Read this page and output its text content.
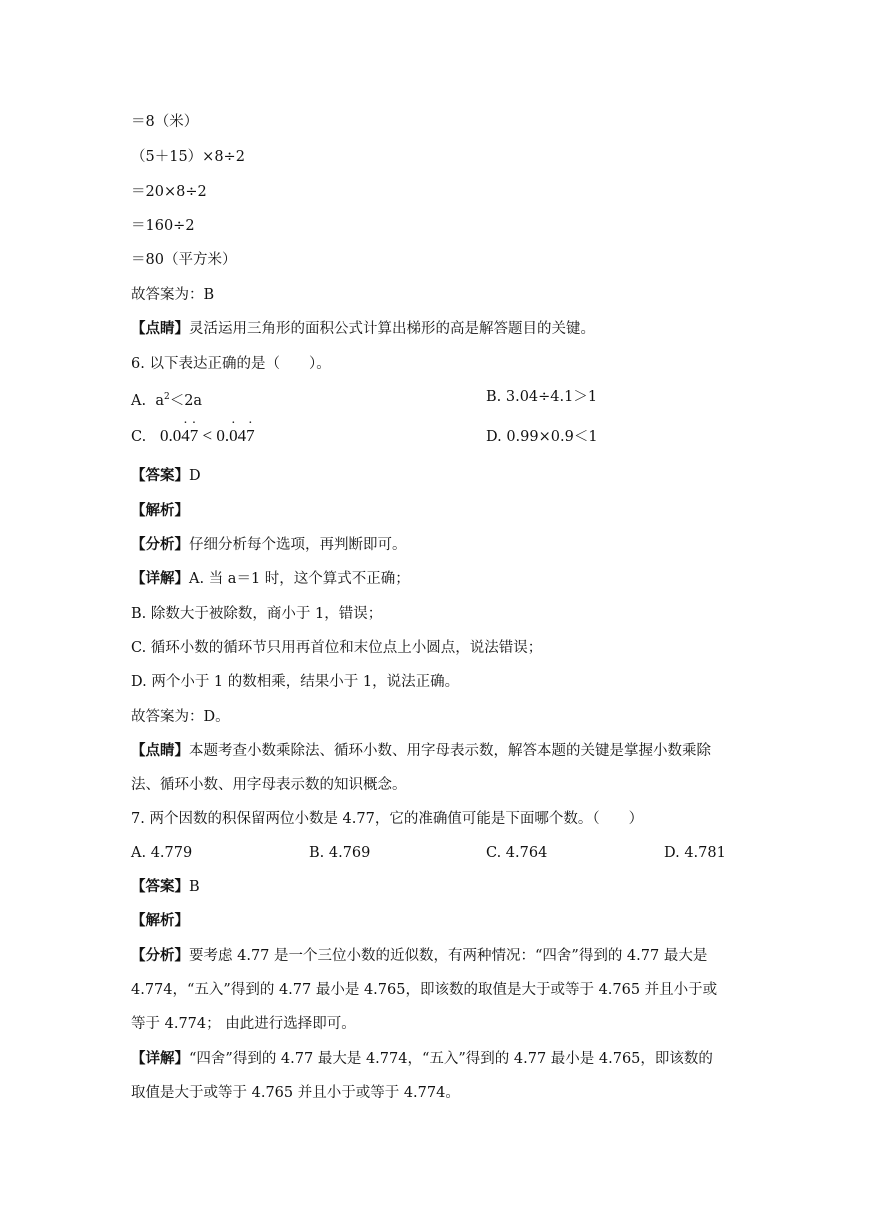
＝8（米）
（5＋15）×8÷2
＝20×8÷2
＝160÷2
＝80（平方米）
故答案为：B
【点睛】灵活运用三角形的面积公式计算出梯形的高是解答题目的关键。
6. 以下表达正确的是（　　）。
A. $a^2<2a$	B. 3.04÷4.1＞1
C. 0.0· 4· 7 < 0.· 04· 7	D. 0.99×0.9＜1
【答案】D
【解析】
【分析】仔细分析每个选项，再判断即可。
【详解】A. 当 a＝1 时，这个算式不正确；
B. 除数大于被除数，商小于 1，错误；
C. 循环小数的循环节只用再首位和末位点上小圆点，说法错误；
D. 两个小于 1 的数相乘，结果小于 1，说法正确。
故答案为：D。
【点睛】本题考查小数乘除法、循环小数、用字母表示数，解答本题的关键是掌握小数乘除
法、循环小数、用字母表示数的知识概念。
7. 两个因数的积保留两位小数是 4.77，它的准确值可能是下面哪个数。（　　）
A. 4.779	B. 4.769	C. 4.764	D. 4.781
【答案】B
【解析】
【分析】要考虑 4.77 是一个三位小数的近似数，有两种情况：“四舍”得到的 4.77 最大是
4.774，“五入”得到的 4.77 最小是 4.765，即该数的取值是大于或等于 4.765 并且小于或
等于 4.774； 由此进行选择即可。
【详解】“四舍”得到的 4.77 最大是 4.774，“五入”得到的 4.77 最小是 4.765，即该数的
取值是大于或等于 4.765 并且小于或等于 4.774。
